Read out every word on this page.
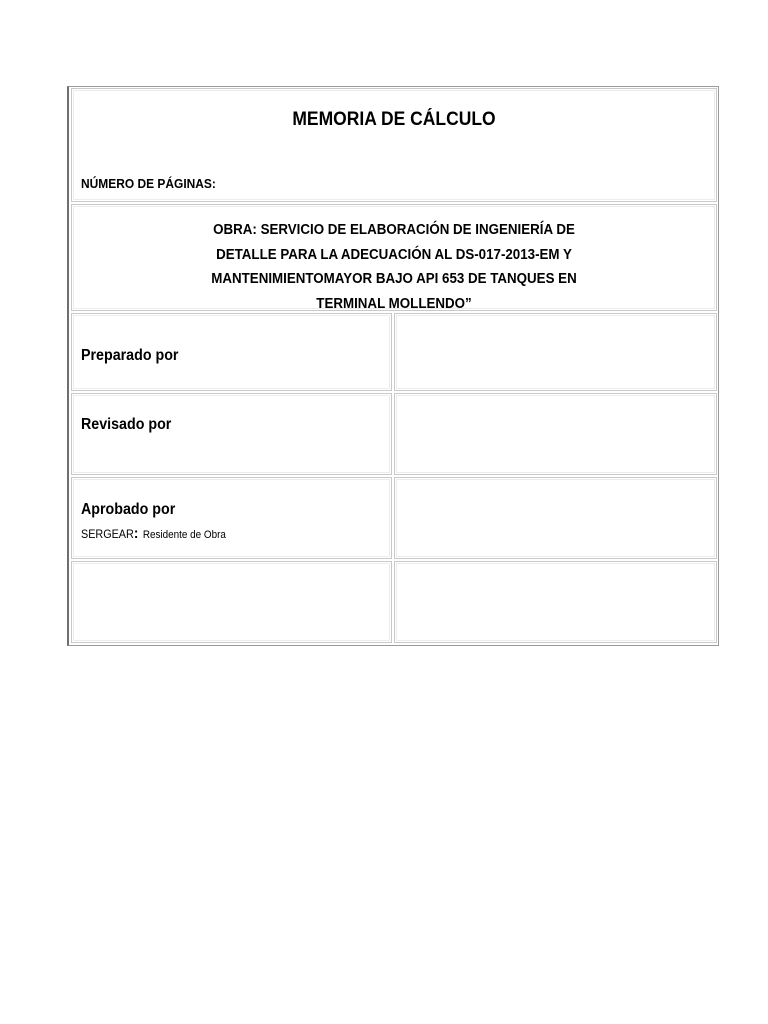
MEMORIA DE CÁLCULO
NÚMERO DE PÁGINAS:
OBRA: SERVICIO DE ELABORACIÓN DE INGENIERÍA DE
DETALLE PARA LA ADECUACIÓN AL DS-017-2013-EM Y
MANTENIMIENTOMAYOR BAJO API 653 DE TANQUES EN
TERMINAL MOLLENDO”
Preparado por
Revisado por
Aprobado por
SERGEAR: Residente de Obra
